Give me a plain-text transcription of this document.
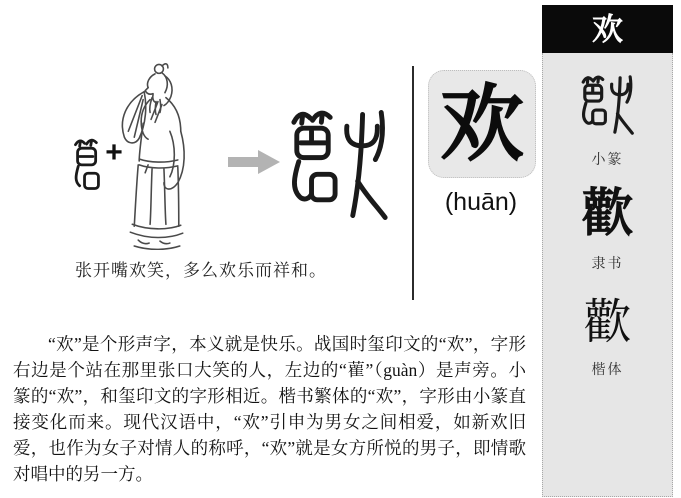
+
张开嘴欢笑，多么欢乐而祥和。
欢
(huān)
“欢”是个形声字，本义就是快乐。战国时玺印文的“欢”，字形右边是个站在那里张口大笑的人，左边的“雚”（guàn）是声旁。小篆的“欢”，和玺印文的字形相近。楷书繁体的“欢”，字形由小篆直接变化而来。现代汉语中，“欢”引申为男女之间相爱，如新欢旧爱，也作为女子对情人的称呼，“欢”就是女方所悦的男子，即情歌对唱中的另一方。
欢
小篆
歡
隶书
歡
楷体
